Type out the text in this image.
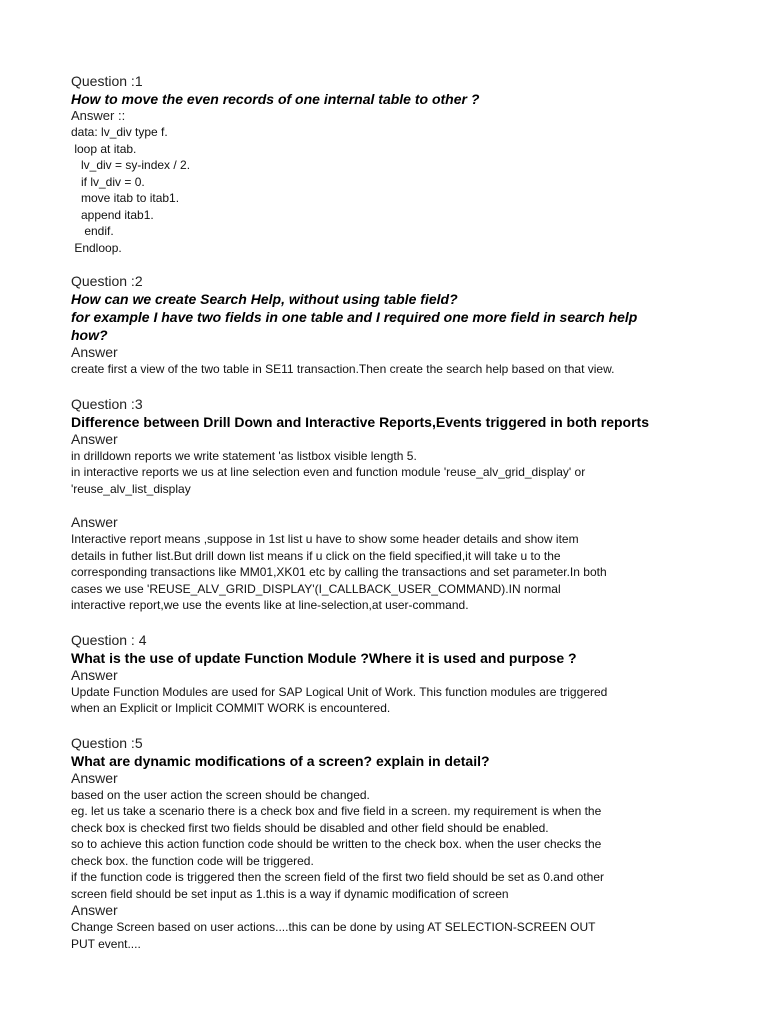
Question :1

How to move the even records of one internal table to other ?

Answer ::

data: lv_div type f.

loop at itab.

lv_div = sy-index / 2.

if lv_div = 0.

move itab to itab1.

append itab1.

endif.

Endloop.

Question :2

How can we create Search Help, without using table field?

for example I have two fields in one table and I required one more field in search help

how?

Answer

create first a view of the two table in SE11 transaction.Then create the search help based on that view.

Question :3

Difference between Drill Down and Interactive Reports,Events triggered in both reports

Answer

in drilldown reports we write statement 'as listbox visible length 5.

in interactive reports we us at line selection even and function module 'reuse_alv_grid_display' or

'reuse_alv_list_display

Answer

Interactive report means ,suppose in 1st list u have to show some header details and show item

details in futher list.But drill down list means if u click on the field specified,it will take u to the

corresponding transactions like MM01,XK01 etc by calling the transactions and set parameter.In both

cases we use 'REUSE_ALV_GRID_DISPLAY'(I_CALLBACK_USER_COMMAND).IN normal

interactive report,we use the events like at line-selection,at user-command.

Question : 4

What is the use of update Function Module ?Where it is used and purpose ?

Answer

Update Function Modules are used for SAP Logical Unit of Work. This function modules are triggered

when an Explicit or Implicit COMMIT WORK is encountered.

Question :5

What are dynamic modifications of a screen? explain in detail?

Answer

based on the user action the screen should be changed.

eg. let us take a scenario there is a check box and five field in a screen. my requirement is when the

check box is checked first two fields should be disabled and other field should be enabled.

so to achieve this action function code should be written to the check box. when the user checks the

check box. the function code will be triggered.

if the function code is triggered then the screen field of the first two field should be set as 0.and other

screen field should be set input as 1.this is a way if dynamic modification of screen

Answer

Change Screen based on user actions....this can be done by using AT SELECTION-SCREEN OUT

PUT event....
